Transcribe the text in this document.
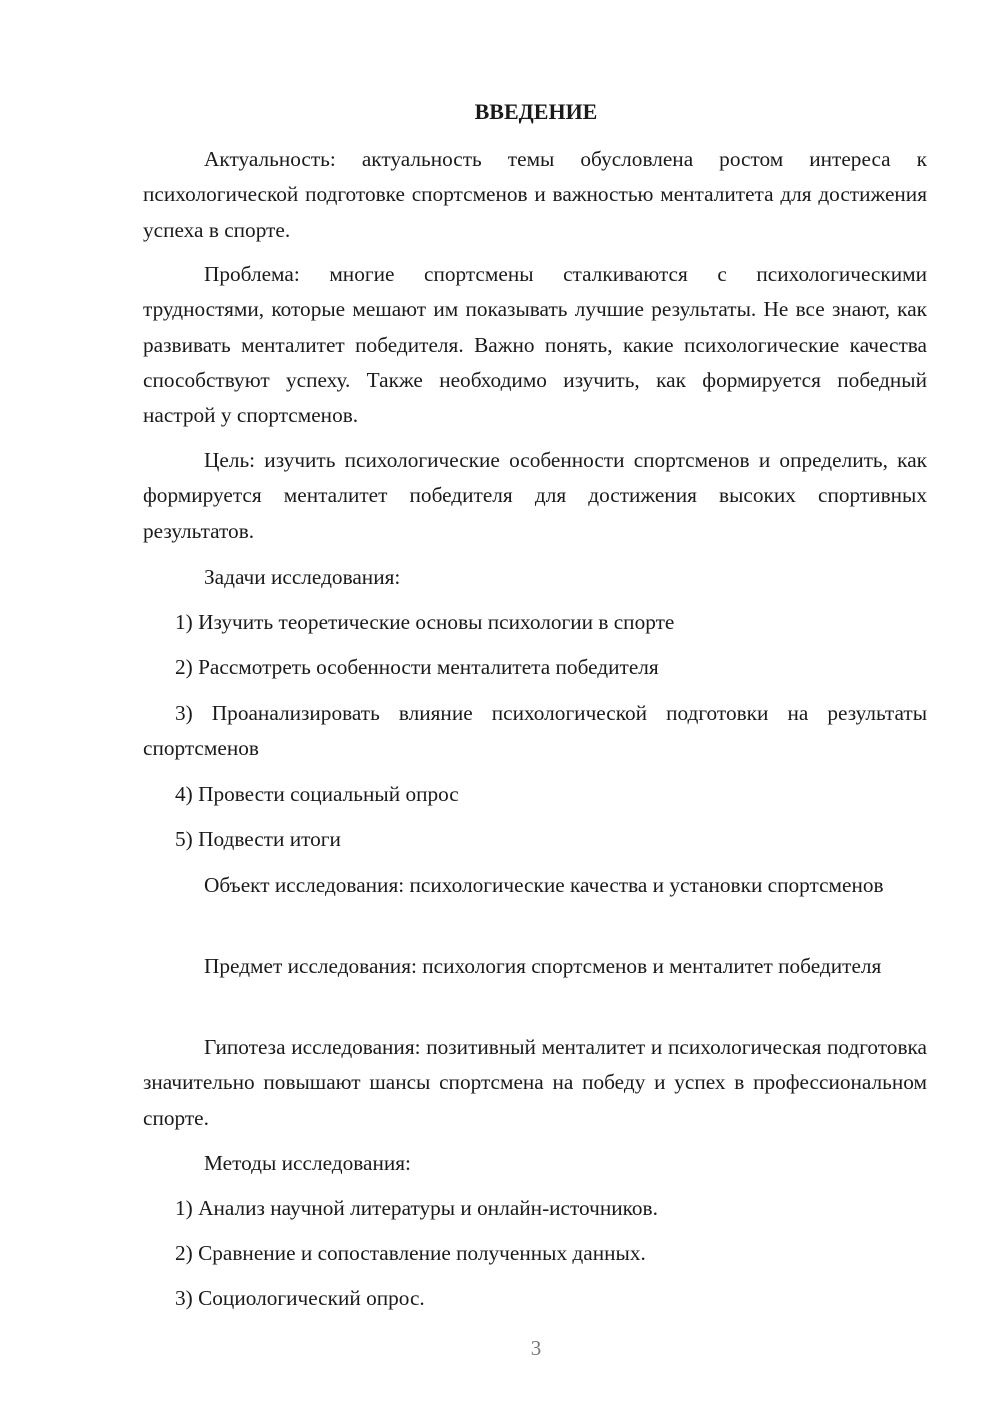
ВВЕДЕНИЕ

Актуальность: актуальность темы обусловлена ростом интереса к психологической подготовке спортсменов и важностью менталитета для достижения успеха в спорте.

Проблема: многие спортсмены сталкиваются с психологическими трудностями, которые мешают им показывать лучшие результаты. Не все знают, как развивать менталитет победителя. Важно понять, какие психологические качества способствуют успеху. Также необходимо изучить, как формируется победный настрой у спортсменов.

Цель: изучить психологические особенности спортсменов и определить, как формируется менталитет победителя для достижения высоких спортивных результатов.

Задачи исследования:

1) Изучить теоретические основы психологии в спорте

2) Рассмотреть особенности менталитета победителя

3) Проанализировать влияние психологической подготовки на результаты спортсменов

4) Провести социальный опрос

5) Подвести итоги

Объект исследования: психологические качества и установки спортсменов

Предмет исследования: психология спортсменов и менталитет победителя

Гипотеза исследования: позитивный менталитет и психологическая подготовка значительно повышают шансы спортсмена на победу и успех в профессиональном спорте.

Методы исследования:

1) Анализ научной литературы и онлайн-источников.

2) Сравнение и сопоставление полученных данных.

3) Социологический опрос.

3
